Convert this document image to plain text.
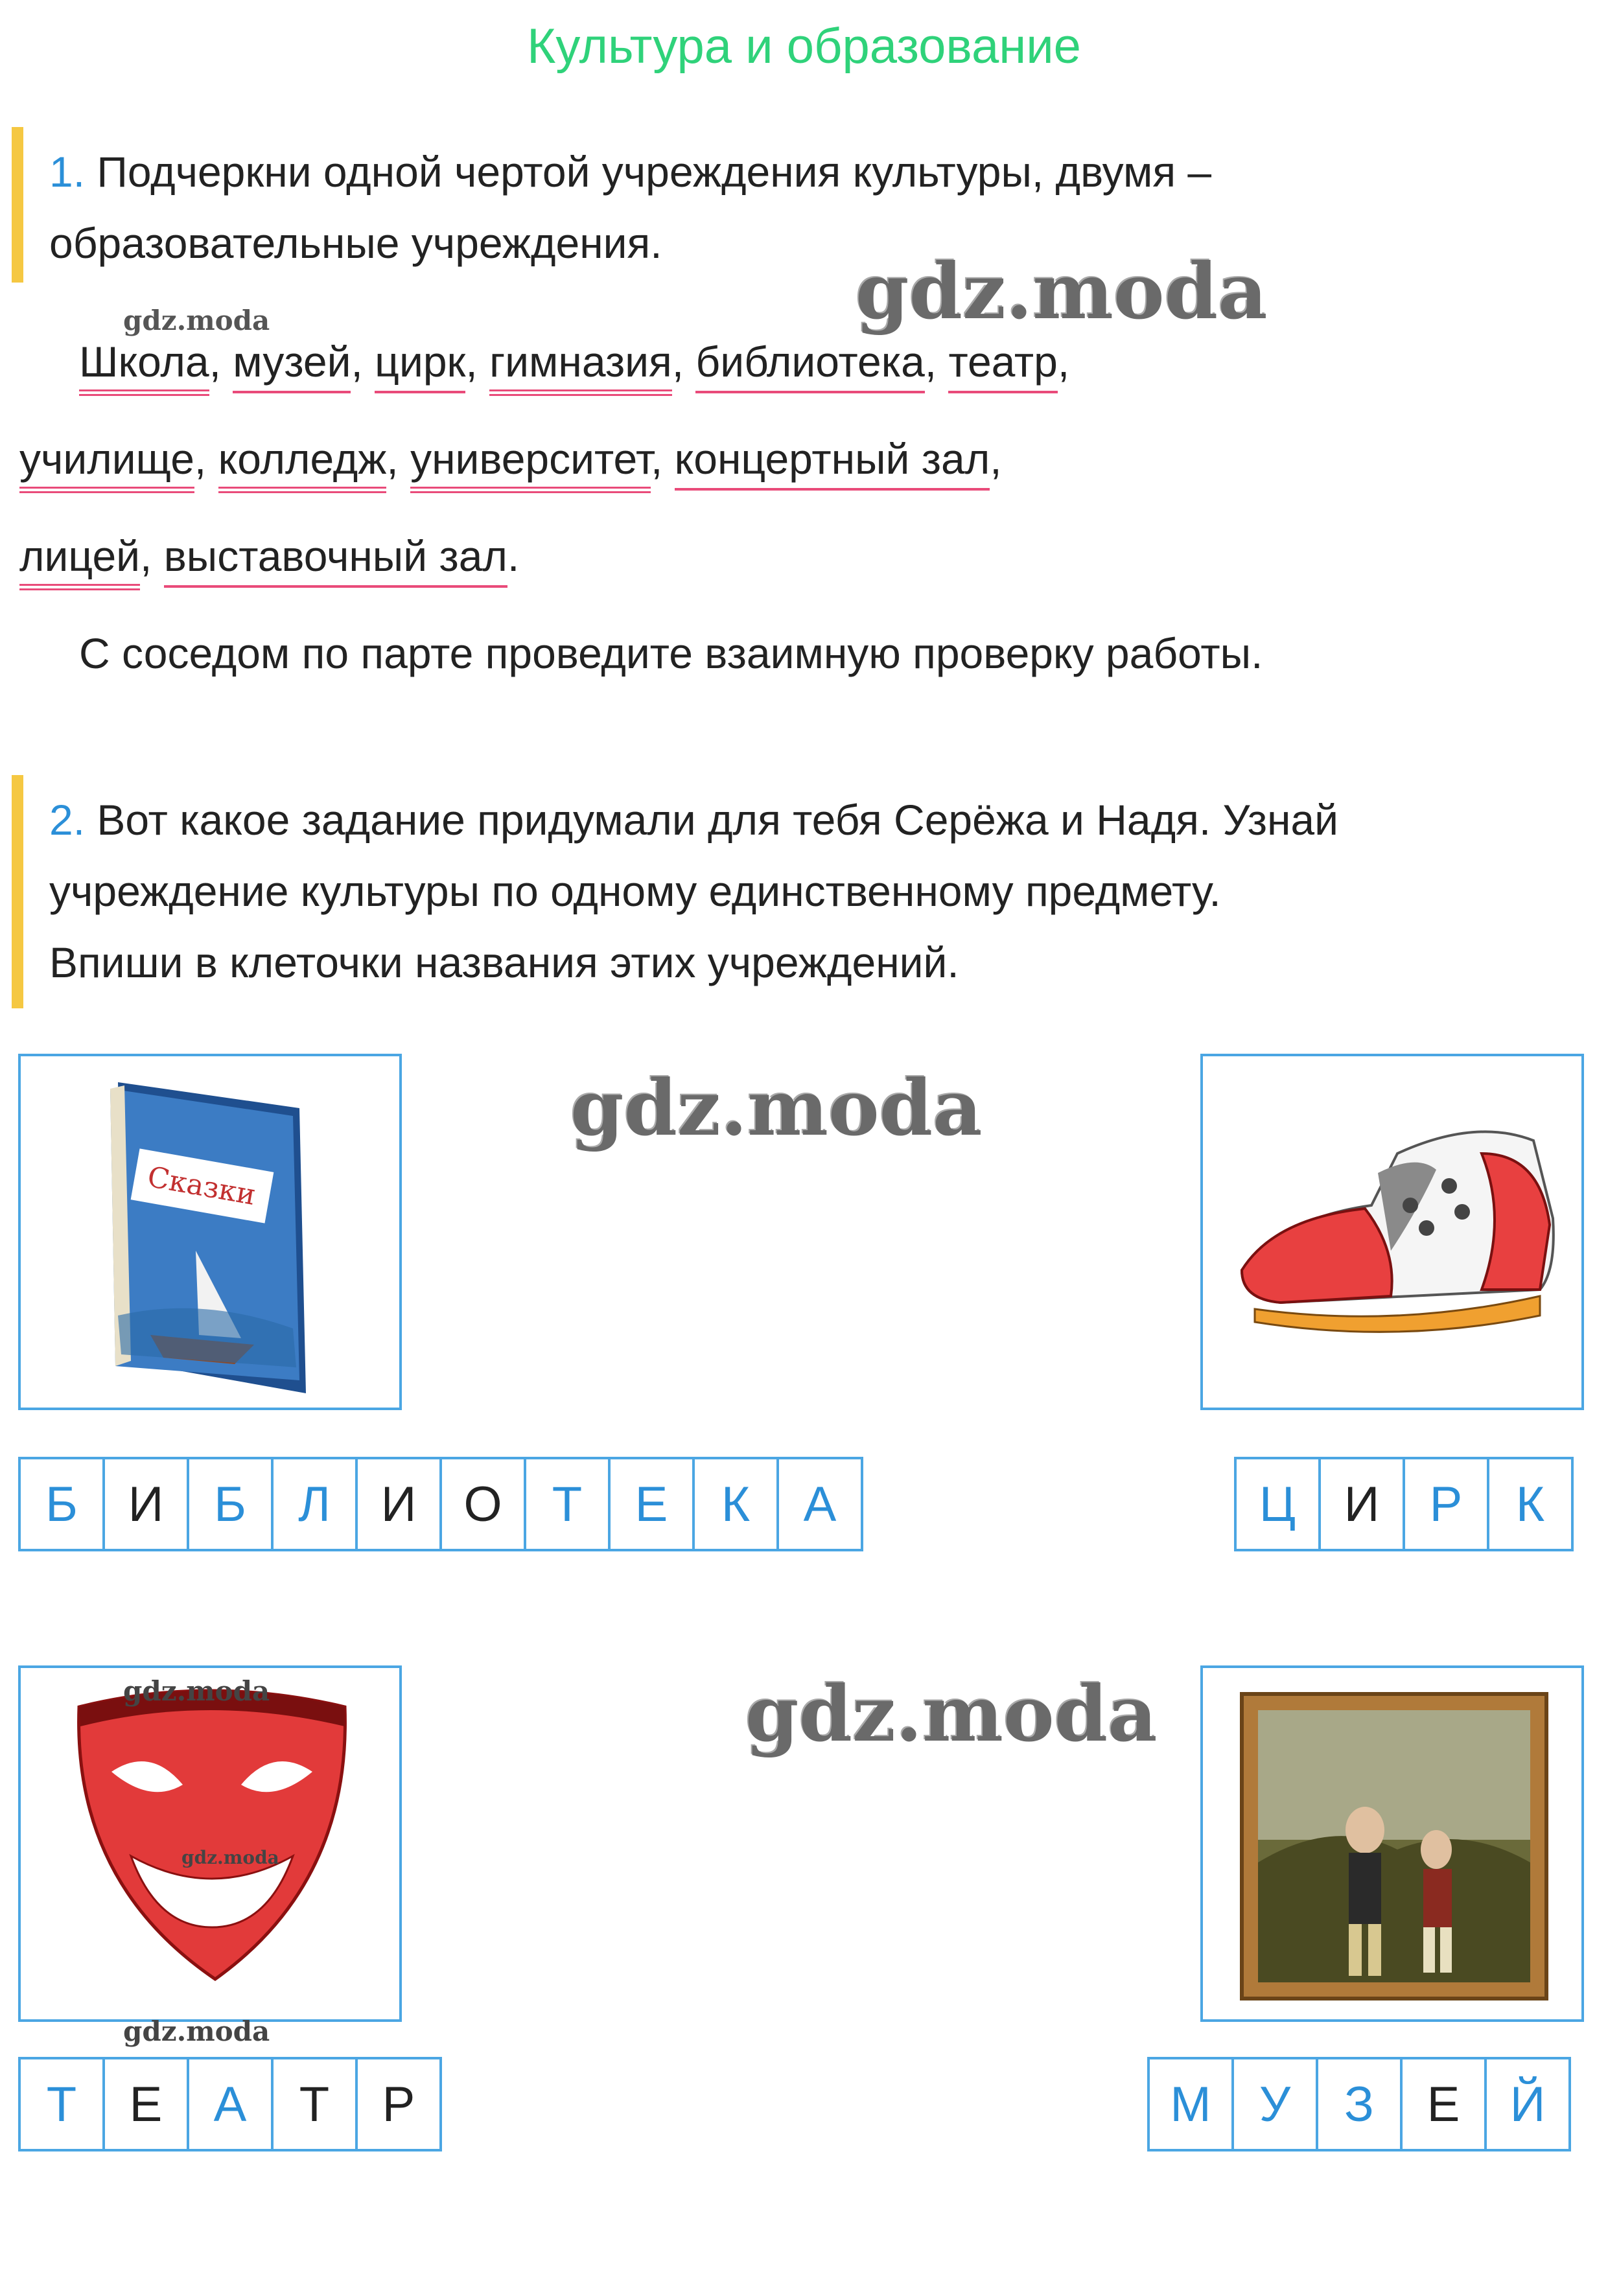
Культура и образование
1. Подчеркни одной чертой учреждения культуры, двумя –
образовательные учреждения.
gdz.moda	gdz.moda
Школа, музей, цирк, гимназия, библиотека, театр,
училище, колледж, университет, концертный зал,
лицей, выставочный зал.
С соседом по парте проведите взаимную проверку работы.
2. Вот какое задание придумали для тебя Серёжа и Надя. Узнай
учреждение культуры по одному единственному предмету.
Впиши в клеточки названия этих учреждений.
Сказки
gdz.moda
Б	И	Б	Л	И О	Т	Е	К	А	Ц И	Р	К
gdz.moda
gdz.moda
gdz.moda
gdz.moda
Т	Е	А	Т	Р	М У	З	Е	Й
